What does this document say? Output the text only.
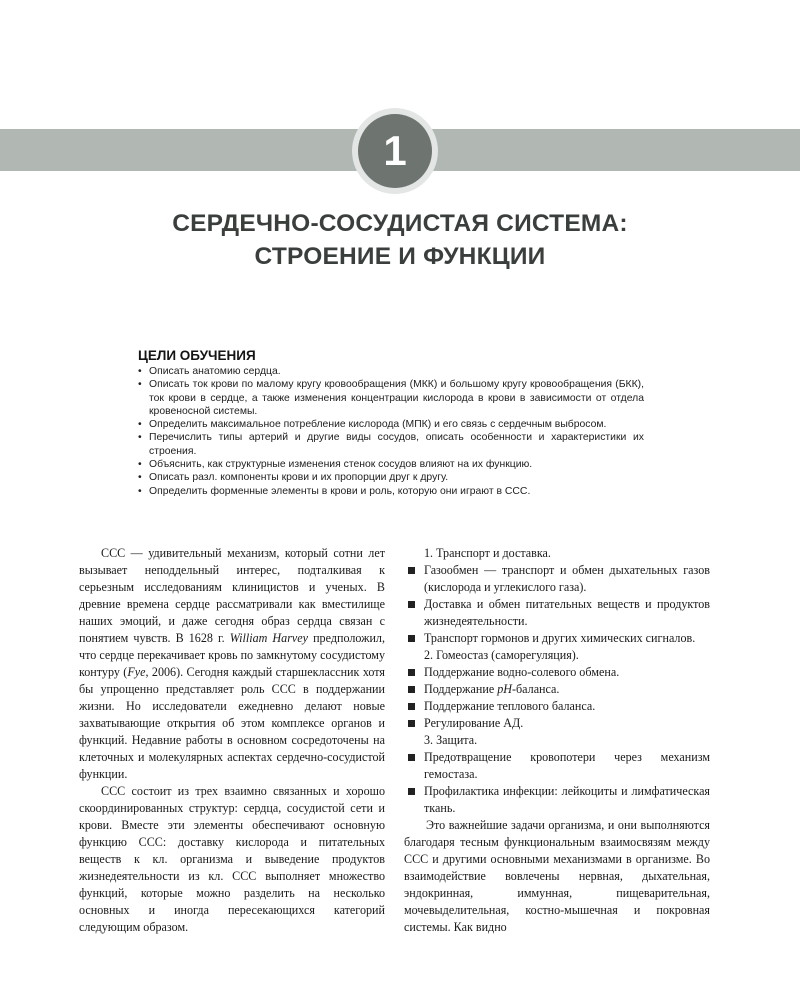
1
СЕРДЕЧНО-СОСУДИСТАЯ СИСТЕМА:
СТРОЕНИЕ И ФУНКЦИИ
ЦЕЛИ ОБУЧЕНИЯ
• Описать анатомию сердца.
• Описать ток крови по малому кругу кровообращения (МКК) и большому кругу кровообращения (БКК), ток крови в сердце, а также изменения концентрации кислорода в крови в зависимости от отдела кровеносной системы.
• Определить максимальное потребление кислорода (МПК) и его связь с сердечным выбросом.
• Перечислить типы артерий и другие виды сосудов, описать особенности и характеристики их строения.
• Объяснить, как структурные изменения стенок сосудов влияют на их функцию.
• Описать разл. компоненты крови и их пропорции друг к другу.
• Определить форменные элементы в крови и роль, которую они играют в ССС.

ССС — удивительный механизм, который сотни лет вызывает неподдельный интерес, подталкивая к серьезным исследованиям клиницистов и ученых. В древние времена сердце рассматривали как вместилище наших эмоций, и даже сегодня образ сердца связан с понятием чувств. В 1628 г. William Harvey предположил, что сердце перекачивает кровь по замкнутому сосудистому контуру (Fye, 2006). Сегодня каждый старшеклассник хотя бы упрощенно представляет роль ССС в поддержании жизни. Но исследователи ежедневно делают новые захватывающие открытия об этом комплексе органов и функций. Недавние работы в основном сосредоточены на клеточных и молекулярных аспектах сердечно-сосудистой функции.

ССС состоит из трех взаимно связанных и хорошо скоординированных структур: сердца, сосудистой сети и крови. Вместе эти элементы обеспечивают основную функцию ССС: доставку кислорода и питательных веществ к кл. организма и выведение продуктов жизнедеятельности из кл. ССС выполняет множество функций, которые можно разделить на несколько основных и иногда пересекающихся категорий следующим образом.

1. Транспорт и доставка.

Газообмен — транспорт и обмен дыхательных газов (кислорода и углекислого газа).

Доставка и обмен питательных веществ и продуктов жизнедеятельности.

Транспорт гормонов и других химических сигналов.

2. Гомеостаз (саморегуляция).

Поддержание водно-солевого обмена.

Поддержание pH-баланса.

Поддержание теплового баланса.

Регулирование АД.

3. Защита.

Предотвращение кровопотери через механизм гемостаза.

Профилактика инфекции: лейкоциты и лимфатическая ткань.

Это важнейшие задачи организма, и они выполняются благодаря тесным функциональным взаимосвязям между ССС и другими основными механизмами в организме. Во взаимодействие вовлечены нервная, дыхательная, эндокринная, иммунная, пищеварительная, мочевыделительная, костно-мышечная и покровная системы. Как видно
